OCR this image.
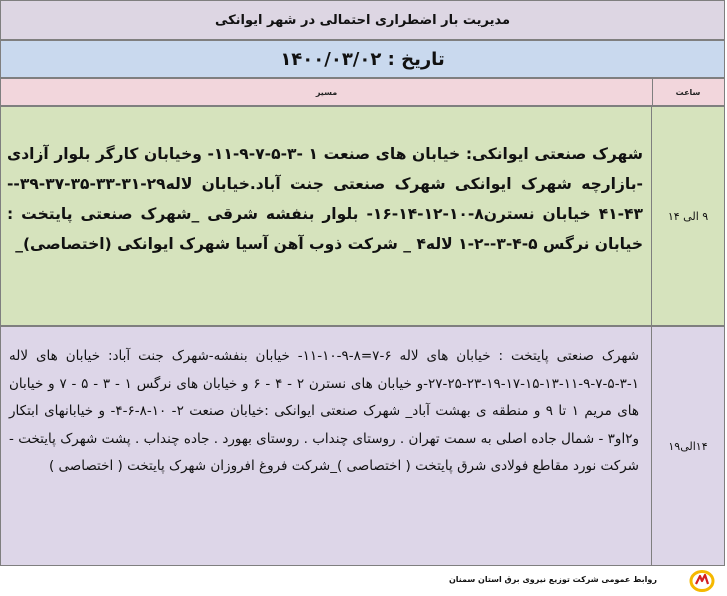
مدیریت بار اضطراری احتمالی در شهر ایوانکی
تاریخ : ۱۴۰۰/۰۳/۰۲
مسیر	ساعت
شهرک صنعتی ایوانکی: خیابان های صنعت ۱ -۳-۵-۷-۹-۱۱- وخیابان کارگر بلوار آزادی -بازارچه شهرک ایوانکی شهرک صنعتی جنت آباد.خیابان لاله۲۹-۳۱-۳۳-۳۵-۳۷-۳۹-- ۴۳-۴۱ خیابان نسترن۸-۱۰-۱۲-۱۴-۱۶- بلوار بنفشه شرقی _شهرک صنعتی پایتخت : خیابان نرگس ۵-۴-۳--۲-۱ لاله۴ _ شرکت ذوب آهن آسیا شهرک ایوانکی (اختصاصی)_
۹ الی ۱۴
شهرک صنعتی پایتخت : خیابان های لاله ۶-۷=۸-۹-۱۰-۱۱- خیابان بنفشه-شهرک جنت آباد: خیابان های لاله ۱-۳-۵-۷-۹-۱۱-۱۳-۱۵-۱۷-۱۹-۲۳-۲۵-۲۷-و خیابان های نسترن ۲ - ۴ - ۶ و خیابان های نرگس ۱ - ۳ - ۵ - ۷ و خیابان های مریم ۱ تا ۹ و منطقه ی بهشت آباد_ شهرک صنعتی ایوانکی :خیابان صنعت ۲- ۱۰-۸-۶-۴- و خیابانهای ابتکار و۲او۳ - شمال جاده اصلی به سمت تهران . روستای چنداب . روستای بهورد . جاده چنداب . پشت شهرک پایتخت - شرکت نورد مقاطع فولادی شرق پایتخت ( اختصاصی )_شرکت فروغ افروزان شهرک پایتخت ( اختصاصی )
۱۴الی۱۹
روابط عمومی شرکت توزیع نیروی برق استان سمنان
